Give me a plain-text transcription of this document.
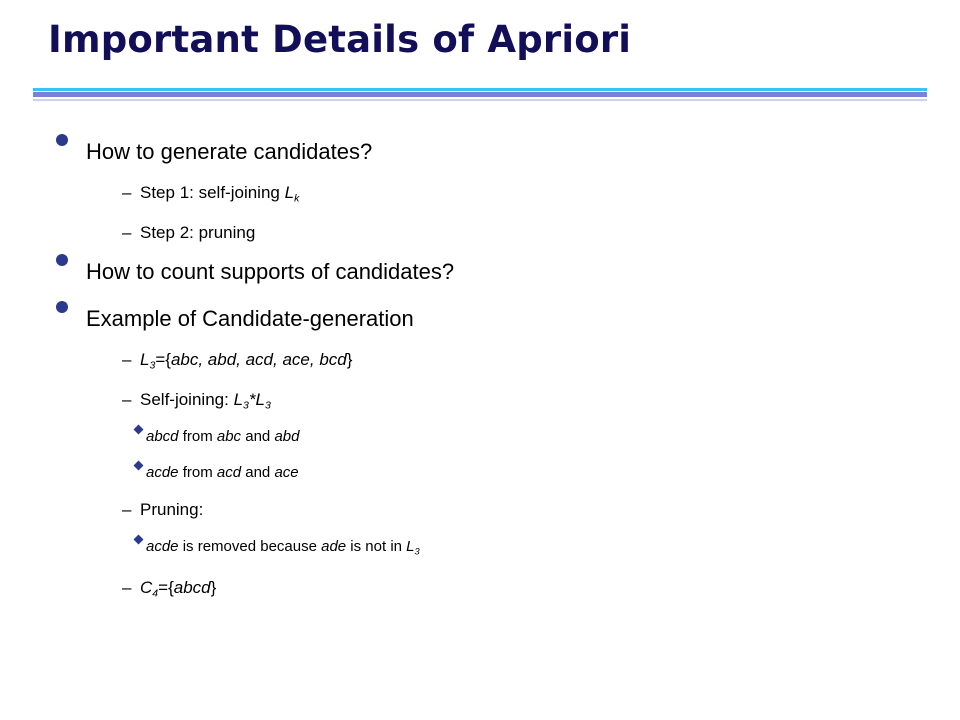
Important Details of Apriori
How to generate candidates?
– Step 1: self-joining $L_k$
– Step 2: pruning
How to count supports of candidates?
Example of Candidate-generation
– $L_3=\{abc$, abd, acd, ace, bcd}
– Self-joining: $L_3*L_3$
abcd from abc and abd
acde from acd and ace
– Pruning:
acde is removed because ade is not in $L_3$
– $C_4=\{abcd\}$
